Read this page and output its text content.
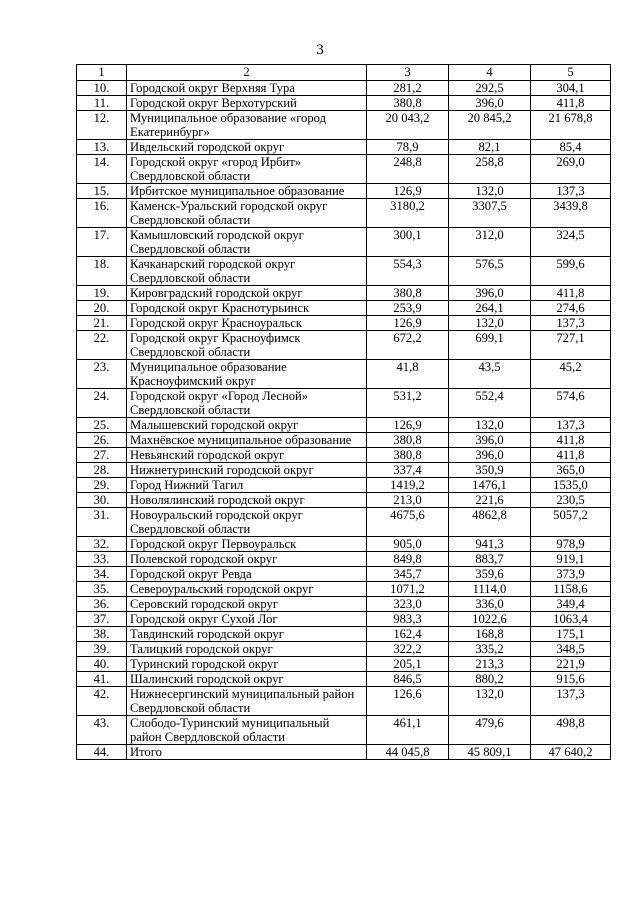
3
1	2	3	4	5
10.	Городской округ Верхняя Тура	281,2	292,5	304,1
11.	Городской округ Верхотурский	380,8	396,0	411,8
12.	Муниципальное образование «город Екатеринбург»	20 043,2	20 845,2	21 678,8
13.	Ивдельский городской округ	78,9	82,1	85,4
14.	Городской округ «город Ирбит» Свердловской области	248,8	258,8	269,0
15.	Ирбитское муниципальное образование	126,9	132,0	137,3
16.	Каменск-Уральский городской округ Свердловской области	3180,2	3307,5	3439,8
17.	Камышловский городской округ Свердловской области	300,1	312,0	324,5
18.	Качканарский городской округ Свердловской области	554,3	576,5	599,6
19.	Кировградский городской округ	380,8	396,0	411,8
20.	Городской округ Краснотурьинск	253,9	264,1	274,6
21.	Городской округ Красноуральск	126,9	132,0	137,3
22.	Городской округ Красноуфимск Свердловской области	672,2	699,1	727,1
23.	Муниципальное образование Красноуфимский округ	41,8	43,5	45,2
24.	Городской округ «Город Лесной» Свердловской области	531,2	552,4	574,6
25.	Малышевский городской округ	126,9	132,0	137,3
26.	Махнёвское муниципальное образование	380,8	396,0	411,8
27.	Невьянский городской округ	380,8	396,0	411,8
28.	Нижнетуринский городской округ	337,4	350,9	365,0
29.	Город Нижний Тагил	1419,2	1476,1	1535,0
30.	Новолялинский городской округ	213,0	221,6	230,5
31.	Новоуральский городской округ Свердловской области	4675,6	4862,8	5057,2
32.	Городской округ Первоуральск	905,0	941,3	978,9
33.	Полевской городской округ	849,8	883,7	919,1
34.	Городской округ Ревда	345,7	359,6	373,9
35.	Североуральский городской округ	1071,2	1114,0	1158,6
36.	Серовский городской округ	323,0	336,0	349,4
37.	Городской округ Сухой Лог	983,3	1022,6	1063,4
38.	Тавдинский городской округ	162,4	168,8	175,1
39.	Талицкий городской округ	322,2	335,2	348,5
40.	Туринский городской округ	205,1	213,3	221,9
41.	Шалинский городской округ	846,5	880,2	915,6
42.	Нижнесергинский муниципальный район Свердловской области	126,6	132,0	137,3
43.	Слободо-Туринский муниципальный район Свердловской области	461,1	479,6	498,8
44.	Итого	44 045,8	45 809,1	47 640,2
